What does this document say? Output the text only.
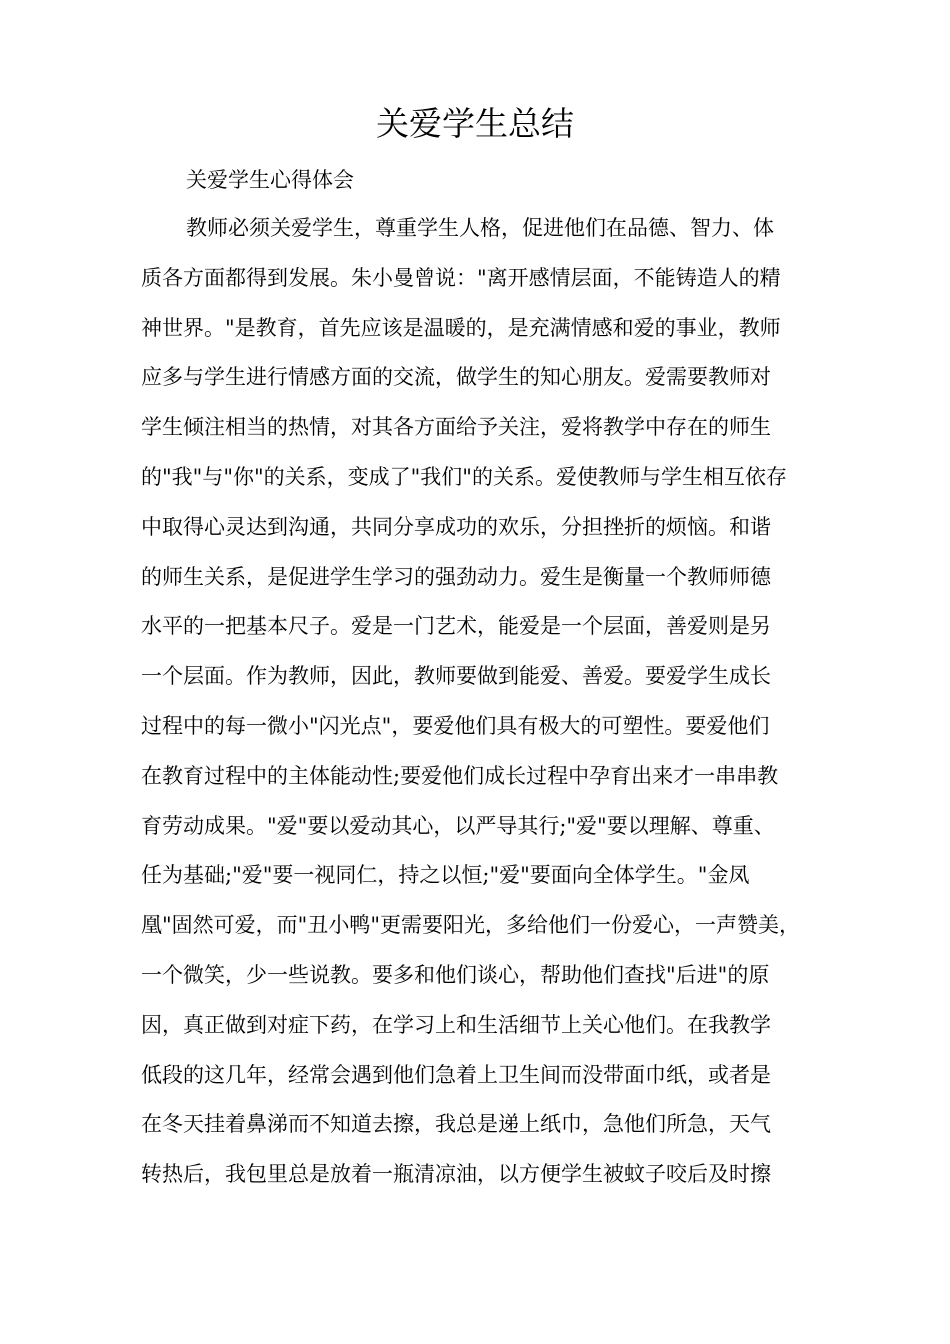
关爱学生总结

关爱学生心得体会

教师必须关爱学生，尊重学生人格，促进他们在品德、智力、体
质各方面都得到发展。朱小曼曾说："离开感情层面，不能铸造人的精
神世界。"是教育，首先应该是温暖的，是充满情感和爱的事业，教师
应多与学生进行情感方面的交流，做学生的知心朋友。爱需要教师对
学生倾注相当的热情，对其各方面给予关注，爱将教学中存在的师生
的"我"与"你"的关系，变成了"我们"的关系。爱使教师与学生相互依存
中取得心灵达到沟通，共同分享成功的欢乐，分担挫折的烦恼。和谐
的师生关系，是促进学生学习的强劲动力。爱生是衡量一个教师师德
水平的一把基本尺子。爱是一门艺术，能爱是一个层面，善爱则是另
一个层面。作为教师，因此，教师要做到能爱、善爱。要爱学生成长
过程中的每一微小"闪光点"，要爱他们具有极大的可塑性。要爱他们
在教育过程中的主体能动性;要爱他们成长过程中孕育出来才一串串教
育劳动成果。"爱"要以爱动其心，以严导其行;"爱"要以理解、尊重、
任为基础;"爱"要一视同仁，持之以恒;"爱"要面向全体学生。"金凤
凰"固然可爱，而"丑小鸭"更需要阳光，多给他们一份爱心，一声赞美，
一个微笑，少一些说教。要多和他们谈心，帮助他们查找"后进"的原
因，真正做到对症下药，在学习上和生活细节上关心他们。在我教学
低段的这几年，经常会遇到他们急着上卫生间而没带面巾纸，或者是
在冬天挂着鼻涕而不知道去擦，我总是递上纸巾，急他们所急，天气
转热后，我包里总是放着一瓶清凉油，以方便学生被蚊子咬后及时擦
